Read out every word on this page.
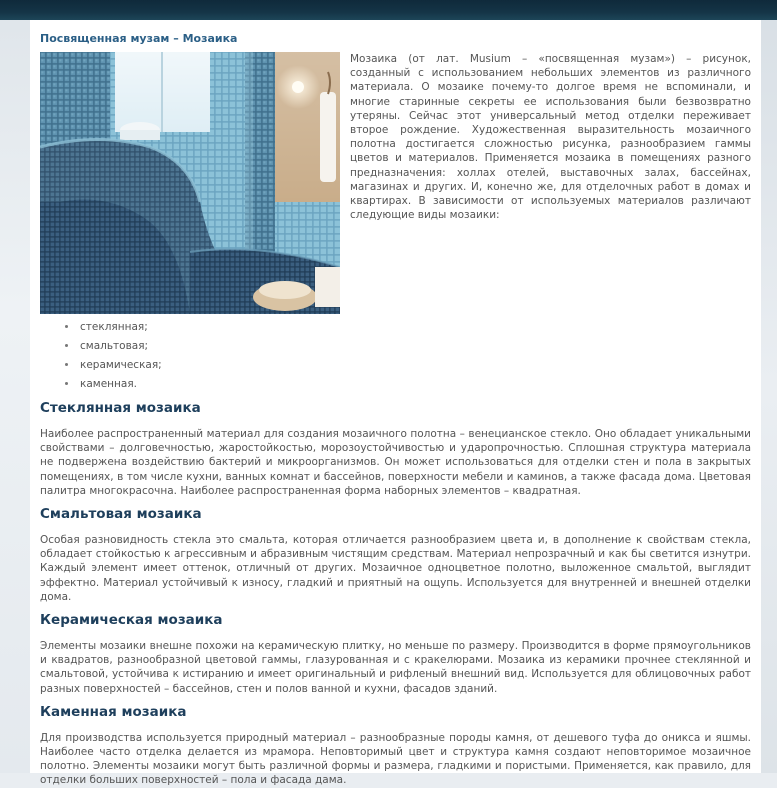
Посвященная музам – Мозаика

Мозаика (от лат. Musium – «посвященная музам») – рисунок, созданный с использованием небольших элементов из различного материала. О мозаике почему-то долгое время не вспоминали, и многие старинные секреты ее использования были безвозвратно утеряны. Сейчас этот универсальный метод отделки переживает второе рождение. Художественная выразительность мозаичного полотна достигается сложностью рисунка, разнообразием гаммы цветов и материалов. Применяется мозаика в помещениях разного предназначения: холлах отелей, выставочных залах, бассейнах, магазинах и других. И, конечно же, для отделочных работ в домах и квартирах. В зависимости от используемых материалов различают следующие виды мозаики:

• стеклянная;
• смальтовая;
• керамическая;
• каменная.
Стеклянная мозаика

Наиболее распространенный материал для создания мозаичного полотна – венецианское стекло. Оно обладает уникальными свойствами – долговечностью, жаростойкостью, морозоустойчивостью и ударопрочностью. Сплошная структура материала не подвержена воздействию бактерий и микроорганизмов. Он может использоваться для отделки стен и пола в закрытых помещениях, в том числе кухни, ванных комнат и бассейнов, поверхности мебели и каминов, а также фасада дома. Цветовая палитра многокрасочна. Наиболее распространенная форма наборных элементов – квадратная.

Смальтовая мозаика

Особая разновидность стекла это смальта, которая отличается разнообразием цвета и, в дополнение к свойствам стекла, обладает стойкостью к агрессивным и абразивным чистящим средствам. Материал непрозрачный и как бы светится изнутри. Каждый элемент имеет оттенок, отличный от других. Мозаичное одноцветное полотно, выложенное смальтой, выглядит эффектно. Материал устойчивый к износу, гладкий и приятный на ощупь. Используется для внутренней и внешней отделки дома.

Керамическая мозаика

Элементы мозаики внешне похожи на керамическую плитку, но меньше по размеру. Производится в форме прямоугольников и квадратов, разнообразной цветовой гаммы, глазурованная и с кракелюрами. Мозаика из керамики прочнее стеклянной и смальтовой, устойчива к истиранию и имеет оригинальный и рифленый внешний вид. Используется для облицовочных работ разных поверхностей – бассейнов, стен и полов ванной и кухни, фасадов зданий.

Каменная мозаика

Для производства используется природный материал – разнообразные породы камня, от дешевого туфа до оникса и яшмы. Наиболее часто отделка делается из мрамора. Неповторимый цвет и структура камня создают неповторимое мозаичное полотно. Элементы мозаики могут быть различной формы и размера, гладкими и пористыми. Применяется, как правило, для отделки больших поверхностей – пола и фасада дама.
